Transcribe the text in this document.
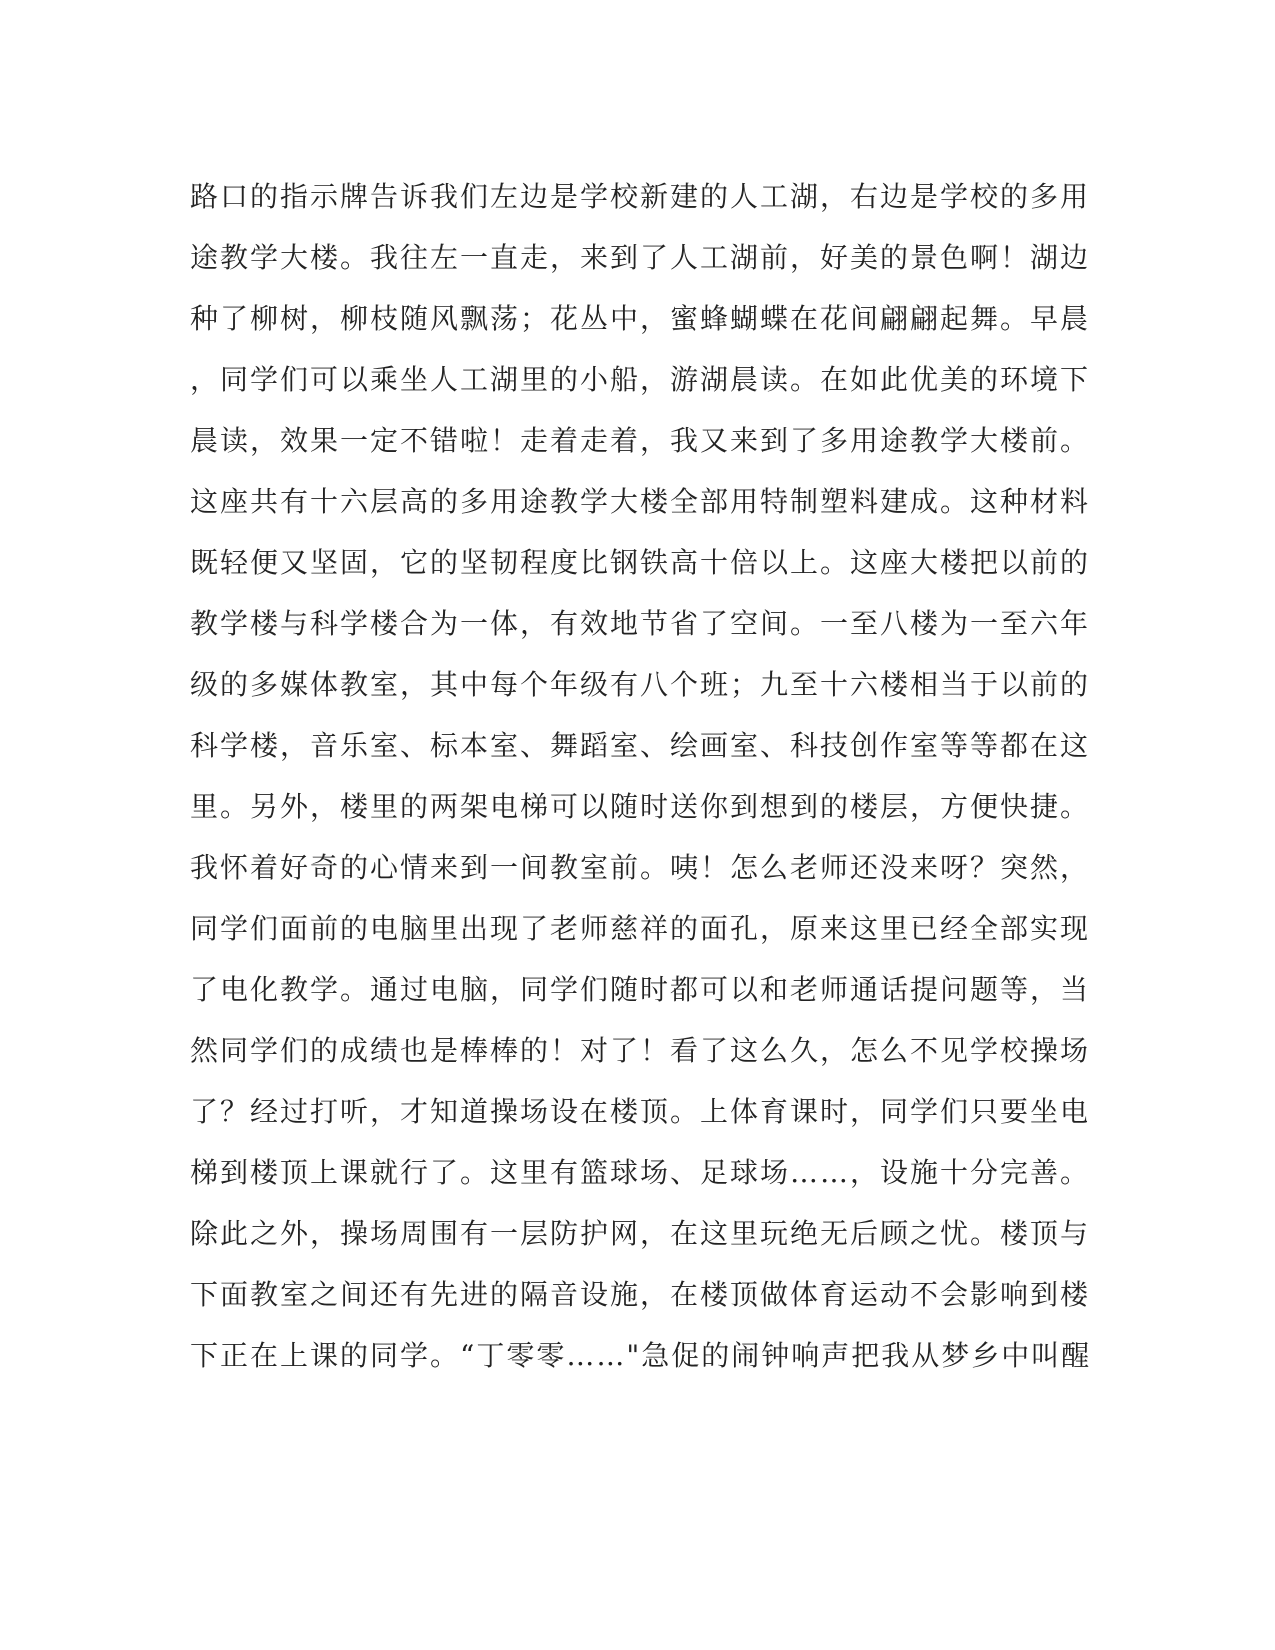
路口的指示牌告诉我们左边是学校新建的人工湖，右边是学校的多用
途教学大楼。我往左一直走，来到了人工湖前，好美的景色啊！湖边
种了柳树，柳枝随风飘荡；花丛中，蜜蜂蝴蝶在花间翩翩起舞。早晨
，同学们可以乘坐人工湖里的小船，游湖晨读。在如此优美的环境下
晨读，效果一定不错啦！走着走着，我又来到了多用途教学大楼前。
这座共有十六层高的多用途教学大楼全部用特制塑料建成。这种材料
既轻便又坚固，它的坚韧程度比钢铁高十倍以上。这座大楼把以前的
教学楼与科学楼合为一体，有效地节省了空间。一至八楼为一至六年
级的多媒体教室，其中每个年级有八个班；九至十六楼相当于以前的
科学楼，音乐室、标本室、舞蹈室、绘画室、科技创作室等等都在这
里。另外，楼里的两架电梯可以随时送你到想到的楼层，方便快捷。
我怀着好奇的心情来到一间教室前。咦！怎么老师还没来呀？突然，
同学们面前的电脑里出现了老师慈祥的面孔，原来这里已经全部实现
了电化教学。通过电脑，同学们随时都可以和老师通话提问题等，当
然同学们的成绩也是棒棒的！对了！看了这么久，怎么不见学校操场
了？经过打听，才知道操场设在楼顶。上体育课时，同学们只要坐电
梯到楼顶上课就行了。这里有篮球场、足球场……，设施十分完善。
除此之外，操场周围有一层防护网，在这里玩绝无后顾之忧。楼顶与
下面教室之间还有先进的隔音设施，在楼顶做体育运动不会影响到楼
下正在上课的同学。“丁零零……"急促的闹钟响声把我从梦乡中叫醒
